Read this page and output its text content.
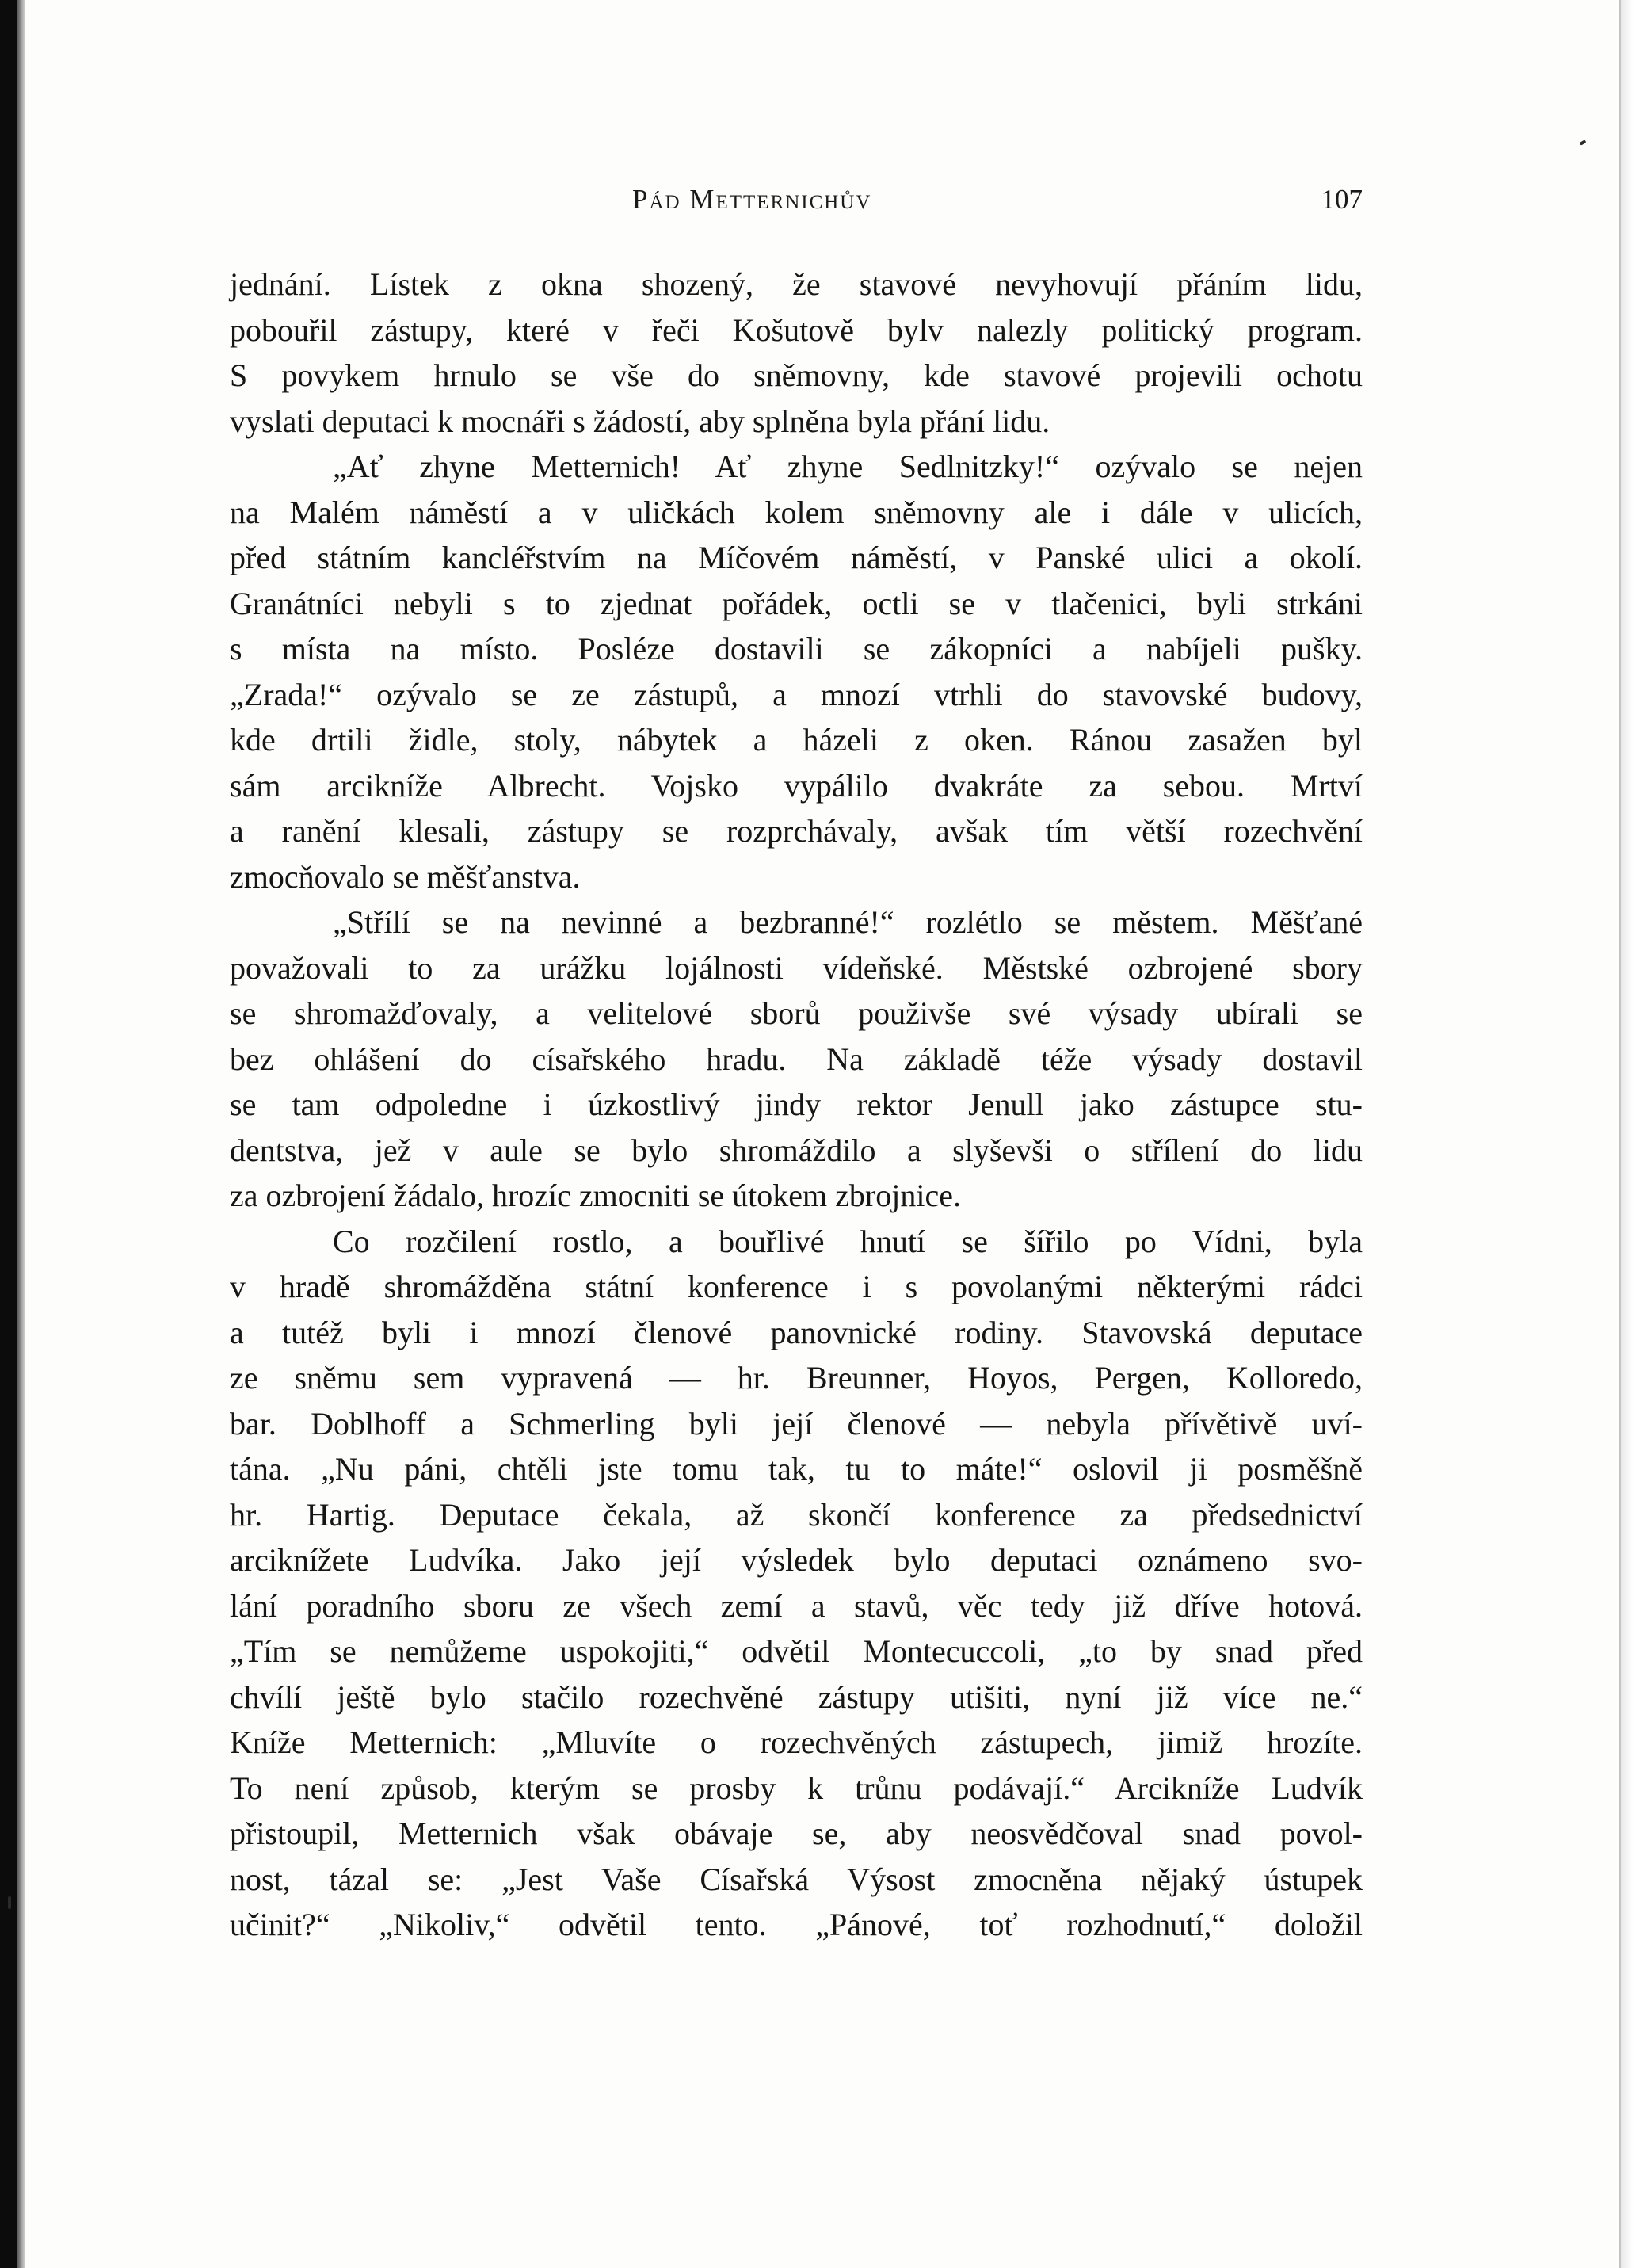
Pád Metternichův	107
jednání. Lístek z okna shozený, že stavové nevyhovují přáním lidu,
pobouřil zástupy, které v řeči Košutově bylv nalezly politický program.
S povykem hrnulo se vše do sněmovny, kde stavové projevili ochotu
vyslati deputaci k mocnáři s žádostí, aby splněna byla přání lidu.
„Ať zhyne Metternich! Ať zhyne Sedlnitzky!“ ozývalo se nejen
na Malém náměstí a v uličkách kolem sněmovny ale i dále v ulicích,
před státním kancléřstvím na Míčovém náměstí, v Panské ulici a okolí.
Granátníci nebyli s to zjednat pořádek, octli se v tlačenici, byli strkáni
s místa na místo. Posléze dostavili se zákopníci a nabíjeli pušky.
„Zrada!“ ozývalo se ze zástupů, a mnozí vtrhli do stavovské budovy,
kde drtili židle, stoly, nábytek a házeli z oken. Ránou zasažen byl
sám arcikníže Albrecht. Vojsko vypálilo dvakráte za sebou. Mrtví
a ranění klesali, zástupy se rozprchávaly, avšak tím větší rozechvění
zmocňovalo se měšťanstva.
„Střílí se na nevinné a bezbranné!“ rozlétlo se městem. Měšťané
považovali to za urážku lojálnosti vídeňské. Městské ozbrojené sbory
se shromažďovaly, a velitelové sborů použivše své výsady ubírali se
bez ohlášení do císařského hradu. Na základě téže výsady dostavil
se tam odpoledne i úzkostlivý jindy rektor Jenull jako zástupce stu-
dentstva, jež v aule se bylo shromáždilo a slyševši o střílení do lidu
za ozbrojení žádalo, hrozíc zmocniti se útokem zbrojnice.
Co rozčilení rostlo, a bouřlivé hnutí se šířilo po Vídni, byla
v hradě shromážděna státní konference i s povolanými některými rádci
a tutéž byli i mnozí členové panovnické rodiny. Stavovská deputace
ze sněmu sem vypravená — hr. Breunner, Hoyos, Pergen, Kolloredo,
bar. Doblhoff a Schmerling byli její členové — nebyla přívětivě uví-
tána. „Nu páni, chtěli jste tomu tak, tu to máte!“ oslovil ji posměšně
hr. Hartig. Deputace čekala, až skončí konference za předsednictví
arciknížete Ludvíka. Jako její výsledek bylo deputaci oznámeno svo-
lání poradního sboru ze všech zemí a stavů, věc tedy již dříve hotová.
„Tím se nemůžeme uspokojiti,“ odvětil Montecuccoli, „to by snad před
chvílí ještě bylo stačilo rozechvěné zástupy utišiti, nyní již více ne.“
Kníže Metternich: „Mluvíte o rozechvěných zástupech, jimiž hrozíte.
To není způsob, kterým se prosby k trůnu podávají.“ Arcikníže Ludvík
přistoupil, Metternich však obávaje se, aby neosvědčoval snad povol-
nost, tázal se: „Jest Vaše Císařská Výsost zmocněna nějaký ústupek
učinit?“ „Nikoliv,“ odvětil tento. „Pánové, toť rozhodnutí,“ doložil
